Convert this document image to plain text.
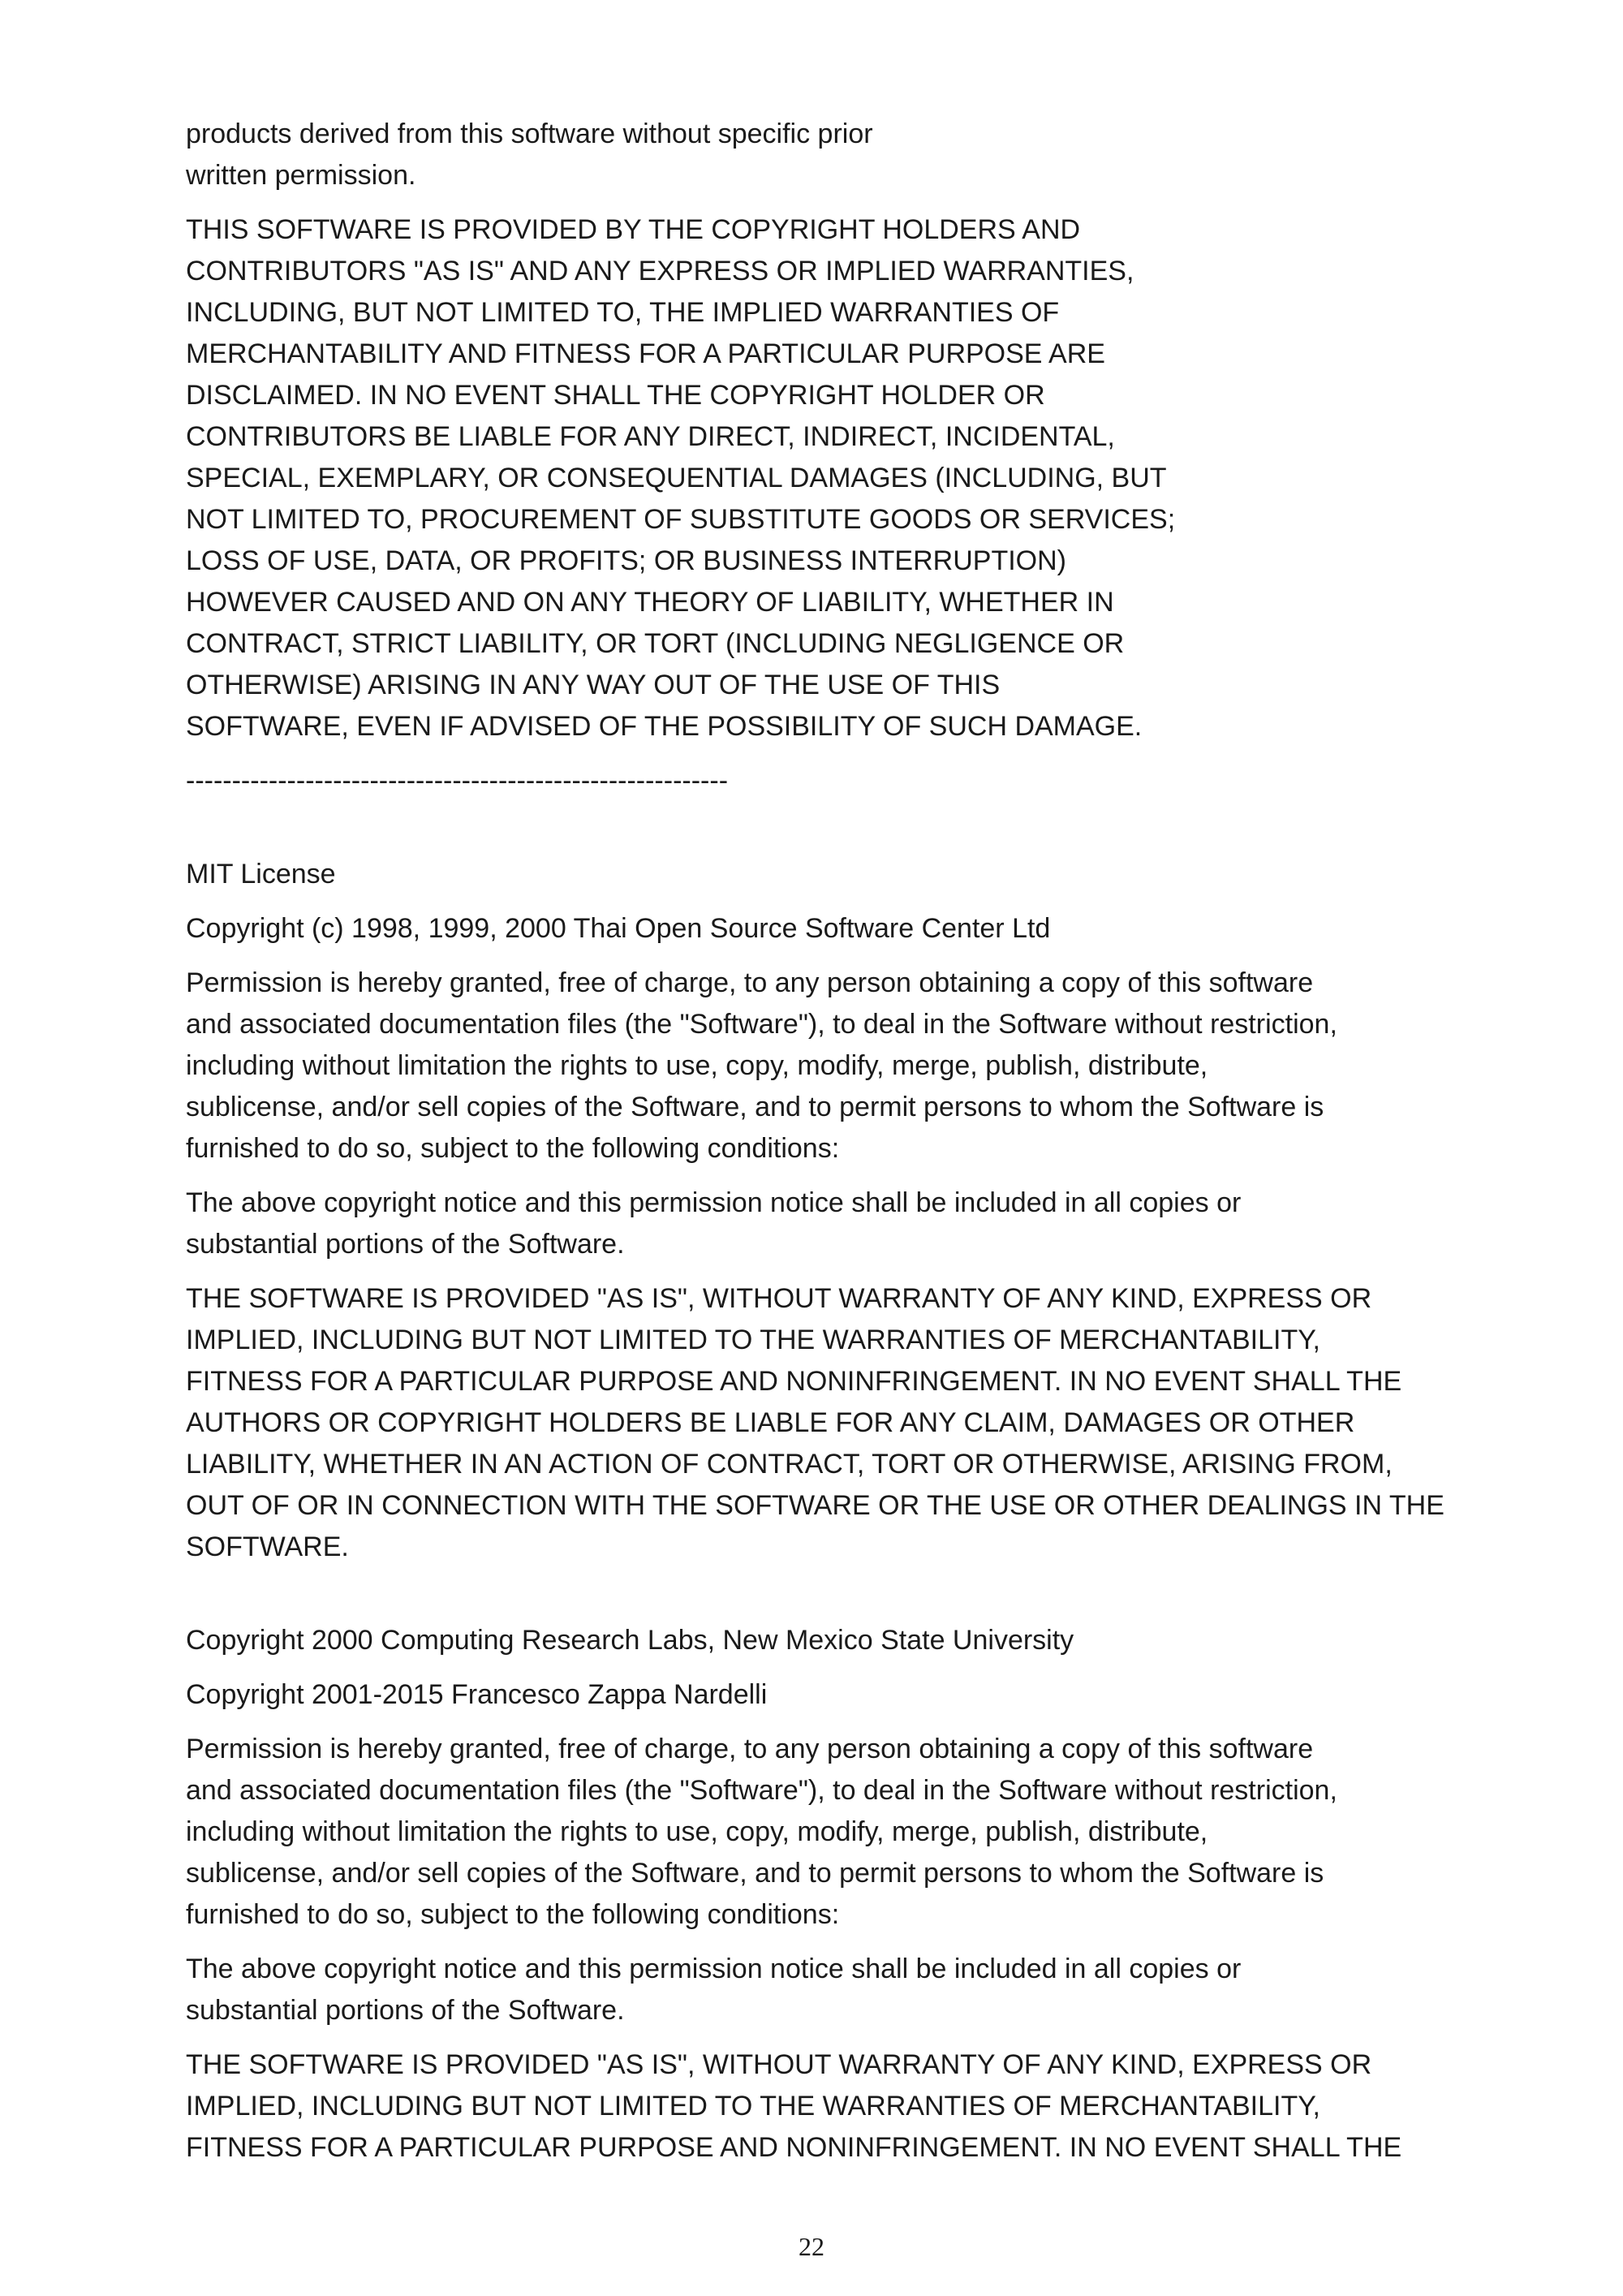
products derived from this software without specific prior
written permission.

THIS SOFTWARE IS PROVIDED BY THE COPYRIGHT HOLDERS AND
CONTRIBUTORS "AS IS" AND ANY EXPRESS OR IMPLIED WARRANTIES,
INCLUDING, BUT NOT LIMITED TO, THE IMPLIED WARRANTIES OF
MERCHANTABILITY AND FITNESS FOR A PARTICULAR PURPOSE ARE
DISCLAIMED. IN NO EVENT SHALL THE COPYRIGHT HOLDER OR
CONTRIBUTORS BE LIABLE FOR ANY DIRECT, INDIRECT, INCIDENTAL,
SPECIAL, EXEMPLARY, OR CONSEQUENTIAL DAMAGES (INCLUDING, BUT
NOT LIMITED TO, PROCUREMENT OF SUBSTITUTE GOODS OR SERVICES;
LOSS OF USE, DATA, OR PROFITS; OR BUSINESS INTERRUPTION)
HOWEVER CAUSED AND ON ANY THEORY OF LIABILITY, WHETHER IN
CONTRACT, STRICT LIABILITY, OR TORT (INCLUDING NEGLIGENCE OR
OTHERWISE) ARISING IN ANY WAY OUT OF THE USE OF THIS
SOFTWARE, EVEN IF ADVISED OF THE POSSIBILITY OF SUCH DAMAGE.

-----------------------------------------------------------

MIT License

Copyright (c) 1998, 1999, 2000 Thai Open Source Software Center Ltd

Permission is hereby granted, free of charge, to any person obtaining a copy of this software
and associated documentation files (the "Software"), to deal in the Software without restriction,
including without limitation the rights to use, copy, modify, merge, publish, distribute,
sublicense, and/or sell copies of the Software, and to permit persons to whom the Software is
furnished to do so, subject to the following conditions:

The above copyright notice and this permission notice shall be included in all copies or
substantial portions of the Software.

THE SOFTWARE IS PROVIDED "AS IS", WITHOUT WARRANTY OF ANY KIND, EXPRESS OR
IMPLIED, INCLUDING BUT NOT LIMITED TO THE WARRANTIES OF MERCHANTABILITY,
FITNESS FOR A PARTICULAR PURPOSE AND NONINFRINGEMENT. IN NO EVENT SHALL THE
AUTHORS OR COPYRIGHT HOLDERS BE LIABLE FOR ANY CLAIM, DAMAGES OR OTHER
LIABILITY, WHETHER IN AN ACTION OF CONTRACT, TORT OR OTHERWISE, ARISING FROM,
OUT OF OR IN CONNECTION WITH THE SOFTWARE OR THE USE OR OTHER DEALINGS IN THE
SOFTWARE.

Copyright 2000 Computing Research Labs, New Mexico State University

Copyright 2001-2015 Francesco Zappa Nardelli

Permission is hereby granted, free of charge, to any person obtaining a copy of this software
and associated documentation files (the "Software"), to deal in the Software without restriction,
including without limitation the rights to use, copy, modify, merge, publish, distribute,
sublicense, and/or sell copies of the Software, and to permit persons to whom the Software is
furnished to do so, subject to the following conditions:

The above copyright notice and this permission notice shall be included in all copies or
substantial portions of the Software.

THE SOFTWARE IS PROVIDED "AS IS", WITHOUT WARRANTY OF ANY KIND, EXPRESS OR
IMPLIED, INCLUDING BUT NOT LIMITED TO THE WARRANTIES OF MERCHANTABILITY,
FITNESS FOR A PARTICULAR PURPOSE AND NONINFRINGEMENT. IN NO EVENT SHALL THE

22
